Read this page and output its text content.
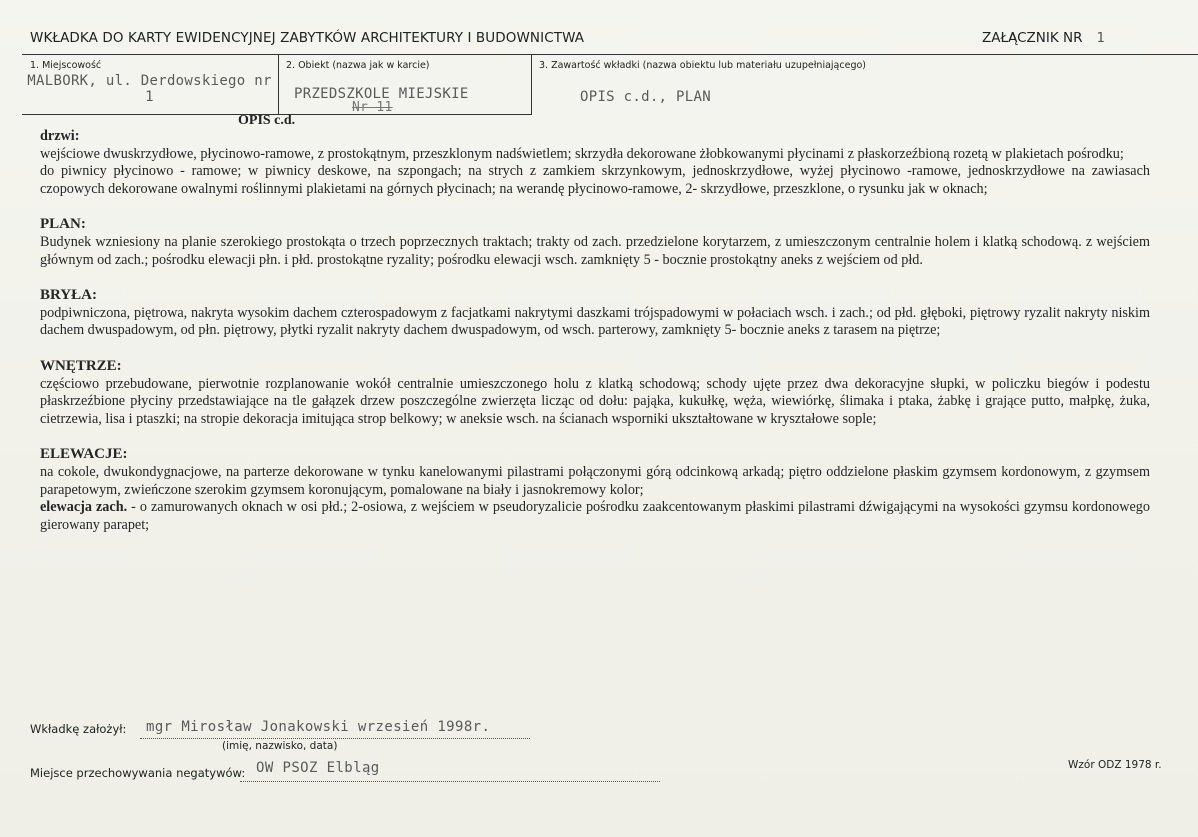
WKŁADKA DO KARTY EWIDENCYJNEJ ZABYTKÓW ARCHITEKTURY I BUDOWNICTWA	ZAŁĄCZNIK NR 1
1. Miejscowość
MALBORK, ul. Derdowskiego nr 1
2. Obiekt (nazwa jak w karcie)
PRZEDSZKOLE MIEJSKIE
Nr 11
3. Zawartość wkładki (nazwa obiektu lub materiału uzupełniającego)
OPIS c.d., PLAN
OPIS c.d.
drzwi:
wejściowe dwuskrzydłowe, płycinowo-ramowe, z prostokątnym, przeszklonym nadświetlem; skrzydła dekorowane żłobkowanymi płycinami z płaskorzeźbioną rozetą w plakietach pośrodku;
do piwnicy płycinowo - ramowe; w piwnicy deskowe, na szpongach; na strych z zamkiem skrzynkowym, jednoskrzydłowe, wyżej płycinowo -ramowe, jednoskrzydłowe na zawiasach czopowych dekorowane owalnymi roślinnymi plakietami na górnych płycinach; na werandę płycinowo-ramowe, 2- skrzydłowe, przeszklone, o rysunku jak w oknach;
PLAN:
Budynek wzniesiony na planie szerokiego prostokąta o trzech poprzecznych traktach; trakty od zach. przedzielone korytarzem, z umieszczonym centralnie holem i klatką schodową. z wejściem głównym od zach.; pośrodku elewacji płn. i płd. prostokątne ryzality; pośrodku elewacji wsch. zamknięty 5 - bocznie prostokątny aneks z wejściem od płd.
BRYŁA:
podpiwniczona, piętrowa, nakryta wysokim dachem czterospadowym z facjatkami nakrytymi daszkami trójspadowymi w połaciach wsch. i zach.; od płd. głęboki, piętrowy ryzalit nakryty niskim dachem dwuspadowym, od płn. piętrowy, płytki ryzalit nakryty dachem dwuspadowym, od wsch. parterowy, zamknięty 5- bocznie aneks z tarasem na piętrze;
WNĘTRZE:
częściowo przebudowane, pierwotnie rozplanowanie wokół centralnie umieszczonego holu z klatką schodową; schody ujęte przez dwa dekoracyjne słupki, w policzku biegów i podestu płaskrzeźbione płyciny przedstawiające na tle gałązek drzew poszczególne zwierzęta licząc od dołu: pająka, kukułkę, węża, wiewiórkę, ślimaka i ptaka, żabkę i grające putto, małpkę, żuka, cietrzewia, lisa i ptaszki; na stropie dekoracja imitująca strop belkowy; w aneksie wsch. na ścianach wsporniki ukształtowane w kryształowe sople;
ELEWACJE:
na cokole, dwukondygnacjowe, na parterze dekorowane w tynku kanelowanymi pilastrami połączonymi górą odcinkową arkadą; piętro oddzielone płaskim gzymsem kordonowym, z gzymsem parapetowym, zwieńczone szerokim gzymsem koronującym, pomalowane na biały i jasnokremowy kolor;
elewacja zach. - o zamurowanych oknach w osi płd.; 2-osiowa, z wejściem w pseudoryzalicie pośrodku zaakcentowanym płaskimi pilastrami dźwigającymi na wysokości gzymsu kordonowego gierowany parapet;
Wkładkę założył: mgr Mirosław Jonakowski wrzesień 1998r.
(imię, nazwisko, data)
Miejsce przechowywania negatywów: OW PSOZ Elbląg	Wzór ODZ 1978 r.
